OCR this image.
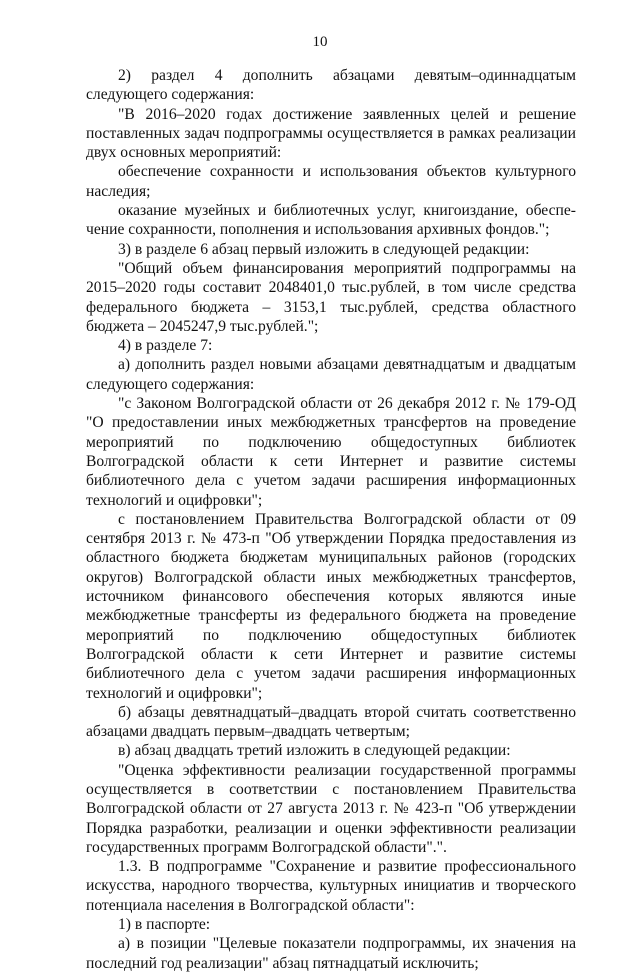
10

2) раздел 4 дополнить абзацами девятым–одиннадцатым следующего содержания:

"В 2016–2020 годах достижение заявленных целей и решение поставленных задач подпрограммы осуществляется в рамках реализации двух основных мероприятий:

обеспечение сохранности и использования объектов культурного наследия;

оказание музейных и библиотечных услуг, книгоиздание, обеспечение сохранности, пополнения и использования архивных фондов.";

3) в разделе 6 абзац первый изложить в следующей редакции:

"Общий объем финансирования мероприятий подпрограммы на 2015–2020 годы составит 2048401,0 тыс.рублей, в том числе средства федерального бюджета – 3153,1 тыс.рублей, средства областного бюджета – 2045247,9 тыс.рублей.";

4) в разделе 7:

а) дополнить раздел новыми абзацами девятнадцатым и двадцатым следующего содержания:

"с Законом Волгоградской области от 26 декабря 2012 г. № 179-ОД "О предоставлении иных межбюджетных трансфертов на проведение мероприятий по подключению общедоступных библиотек Волгоградской области к сети Интернет и развитие системы библиотечного дела с учетом задачи расширения информационных технологий и оцифровки";

с постановлением Правительства Волгоградской области от 09 сентября 2013 г. № 473-п "Об утверждении Порядка предоставления из областного бюджета бюджетам муниципальных районов (городских округов) Волгоградской области иных межбюджетных трансфертов, источником финансового обеспечения которых являются иные межбюджетные трансферты из федерального бюджета на проведение мероприятий по подключению общедоступных библиотек Волгоградской области к сети Интернет и развитие системы библиотечного дела с учетом задачи расширения информационных технологий и оцифровки";

б) абзацы девятнадцатый–двадцать второй считать соответственно абзацами двадцать первым–двадцать четвертым;

в) абзац двадцать третий изложить в следующей редакции:

"Оценка эффективности реализации государственной программы осуществляется в соответствии с постановлением Правительства Волгоградской области от 27 августа 2013 г. № 423-п "Об утверждении Порядка разработки, реализации и оценки эффективности реализации государственных программ Волгоградской области".".

1.3. В подпрограмме "Сохранение и развитие профессионального искусства, народного творчества, культурных инициатив и творческого потенциала населения в Волгоградской области":

1) в паспорте:

а) в позиции "Целевые показатели подпрограммы, их значения на последний год реализации" абзац пятнадцатый исключить;
